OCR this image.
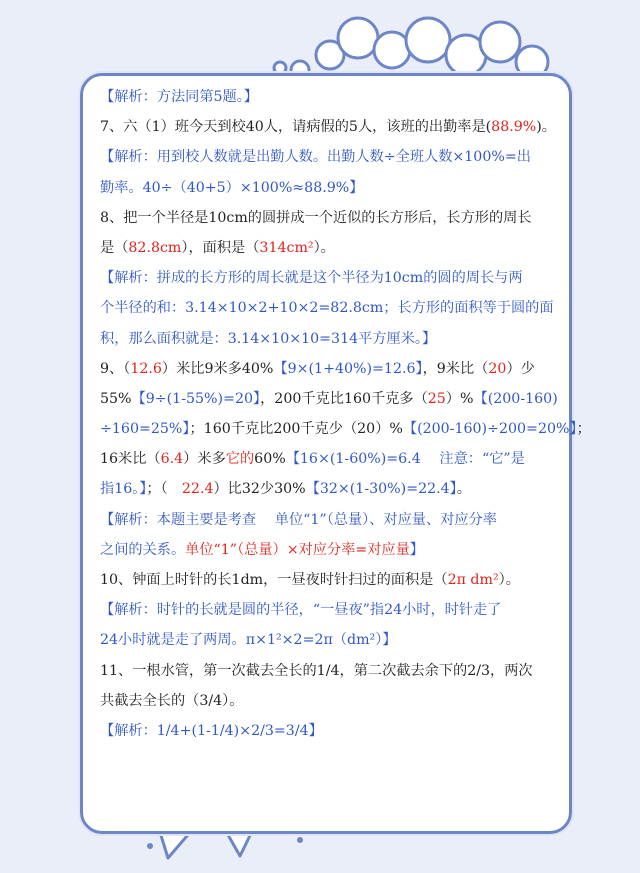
【解析：方法同第5题。】
7、六（1）班今天到校40人，请病假的5人，该班的出勤率是(88.9%)。
【解析：用到校人数就是出勤人数。出勤人数÷全班人数×100%=出
勤率。40÷（40+5）×100%≈88.9%】
8、把一个半径是10cm的圆拼成一个近似的长方形后，长方形的周长
是（82.8cm），面积是（314cm²）。
【解析：拼成的长方形的周长就是这个半径为10cm的圆的周长与两
个半径的和：3.14×10×2+10×2=82.8cm；长方形的面积等于圆的面
积，那么面积就是：3.14×10×10=314平方厘米。】
9、（12.6）米比9米多40%【9×(1+40%)=12.6】，9米比（20）少
55%【9÷(1-55%)=20】，200千克比160千克多（25）%【(200-160)
÷160=25%】；160千克比200千克少（20）%【(200-160)÷200=20%】；
16米比（6.4）米多它的60%【16×(1-60%)=6.4　 注意：“它”是
指16。】；（　22.4）比32少30%【32×(1-30%)=22.4】。
【解析：本题主要是考查　 单位“1”（总量）、对应量、对应分率
之间的关系。单位“1”（总量）×对应分率=对应量】
10、钟面上时针的长1dm，一昼夜时针扫过的面积是（2π dm²）。
【解析：时针的长就是圆的半径，“一昼夜”指24小时，时针走了
24小时就是走了两周。π×1²×2=2π（dm²）】
11、一根水管，第一次截去全长的1/4，第二次截去余下的2/3，两次
共截去全长的（3/4）。
【解析：1/4+(1-1/4)×2/3=3/4】
